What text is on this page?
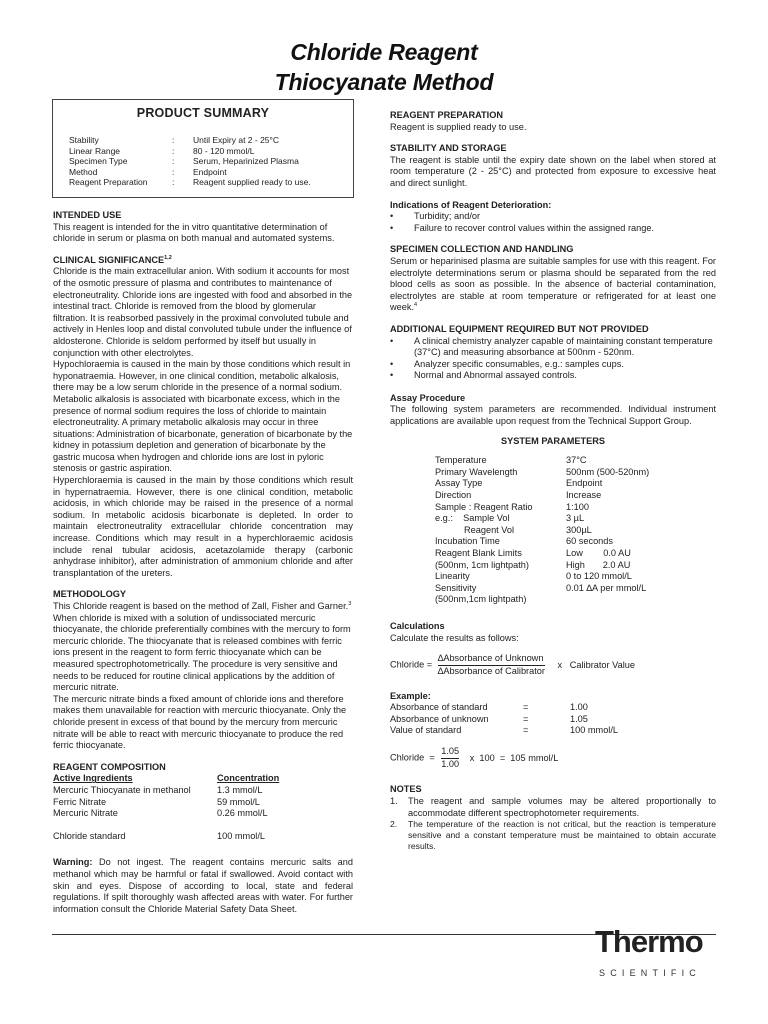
Chloride Reagent
Thiocyanate Method
PRODUCT SUMMARY
Stability	: Until Expiry at 2 - 25°C
Linear Range	: 80 - 120 mmol/L
Specimen Type	: Serum, Heparinized Plasma
Method	: Endpoint
Reagent Preparation	: Reagent supplied ready to use.

INTENDED USE

This reagent is intended for the in vitro quantitative determination of chloride in serum or plasma on both manual and automated systems.

CLINICAL SIGNIFICANCE$^{1,2}$

Chloride is the main extracellular anion. With sodium it accounts for most of the osmotic pressure of plasma and contributes to maintenance of electroneutrality. Chloride ions are ingested with food and absorbed in the intestinal tract. Chloride is removed from the blood by glomerular filtration. It is reabsorbed passively in the proximal convoluted tubule and actively in Henles loop and distal convoluted tubule under the influence of aldosterone. Chloride is seldom performed by itself but usually in conjunction with other electrolytes.

Hypochloraemia is caused in the main by those conditions which result in hyponatraemia. However, in one clinical condition, metabolic alkalosis, there may be a low serum chloride in the presence of a normal sodium. Metabolic alkalosis is associated with bicarbonate excess, which in the presence of normal sodium requires the loss of chloride to maintain electroneutrality. A primary metabolic alkalosis may occur in three situations: Administration of bicarbonate, generation of bicarbonate by the kidney in potassium depletion and generation of bicarbonate by the gastric mucosa when hydrogen and chloride ions are lost in pyloric stenosis or gastric aspiration.

Hyperchloraemia is caused in the main by those conditions which result in hypernatraemia. However, there is one clinical condition, metabolic acidosis, in which chloride may be raised in the presence of a normal sodium. In metabolic acidosis bicarbonate is depleted. In order to maintain electroneutrality extracellular chloride concentration may increase. Conditions which may result in a hyperchloraemic acidosis include renal tubular acidosis, acetazolamide therapy (carbonic anhydrase inhibitor), after administration of ammonium chloride and after transplantation of the ureters.

METHODOLOGY

This Chloride reagent is based on the method of Zall, Fisher and Garner.$^3$ When chloride is mixed with a solution of undissociated mercuric thiocyanate, the chloride preferentially combines with the mercury to form mercuric chloride. The thiocyanate that is released combines with ferric ions present in the reagent to form ferric thiocyanate which can be measured spectrophotometrically. The procedure is very sensitive and needs to be reduced for routine clinical applications by the addition of mercuric nitrate.

The mercuric nitrate binds a fixed amount of chloride ions and therefore makes them unavailable for reaction with mercuric thiocyanate. Only the chloride present in excess of that bound by the mercury from mercuric nitrate will be able to react with mercuric thiocyanate to produce the red ferric thiocyanate.

REAGENT COMPOSITION

Active Ingredients	Concentration
Mercuric Thiocyanate in methanol	1.3 mmol/L
Ferric Nitrate	59 mmol/L
Mercuric Nitrate	0.26 mmol/L
Chloride standard	100 mmol/L

Warning: Do not ingest. The reagent contains mercuric salts and methanol which may be harmful or fatal if swallowed. Avoid contact with skin and eyes. Dispose of according to local, state and federal regulations. If spilt thoroughly wash affected areas with water. For further information consult the Chloride Material Safety Data Sheet.

REAGENT PREPARATION

Reagent is supplied ready to use.

STABILITY AND STORAGE

The reagent is stable until the expiry date shown on the label when stored at room temperature (2 - 25°C) and protected from exposure to excessive heat and direct sunlight.

Indications of Reagent Deterioration:

• Turbidity; and/or
• Failure to recover control values within the assigned range.

SPECIMEN COLLECTION AND HANDLING

Serum or heparinised plasma are suitable samples for use with this reagent. For electrolyte determinations serum or plasma should be separated from the red blood cells as soon as possible. In the absence of bacterial contamination, electrolytes are stable at room temperature or refrigerated for at least one week.$^4$

ADDITIONAL EQUIPMENT REQUIRED BUT NOT PROVIDED

• A clinical chemistry analyzer capable of maintaining constant temperature (37°C) and measuring absorbance at 500nm - 520nm.
• Analyzer specific consumables, e.g.: samples cups.
• Normal and Abnormal assayed controls.

Assay Procedure

The following system parameters are recommended. Individual instrument applications are available upon request from the Technical Support Group.

SYSTEM PARAMETERS

Temperature	37°C
Primary Wavelength	500nm (500-520nm)
Assay Type	Endpoint
Direction	Increase
Sample : Reagent Ratio	1:100
e.g.:    Sample Vol	3 µL
Reagent Vol	300µL
Incubation Time	60 seconds
Reagent Blank Limits	Low        0.0 AU
(500nm, 1cm lightpath)	High       2.0 AU
Linearity	0 to 120 mmol/L
Sensitivity	0.01 ∆A per mmol/L
(500nm,1cm lightpath)

Calculations

Calculate the results as follows:

Chloride = $\frac{\text{∆Absorbance of Unknown}}{\text{∆Absorbance of Calibrator}}$ x   Calibrator Value

Example:

Absorbance of standard	=	1.00
Absorbance of unknown	=	1.05
Value of standard	=	100 mmol/L
Chloride  = $\frac{1.05}{1.00}$ x  100  =  105 mmol/L

NOTES

1. The reagent and sample volumes may be altered proportionally to accommodate different spectrophotometer requirements.
2. The temperature of the reaction is not critical, but the reaction is temperature sensitive and a constant temperature must be maintained to obtain accurate results.
Thermo
SCIENTIFIC
